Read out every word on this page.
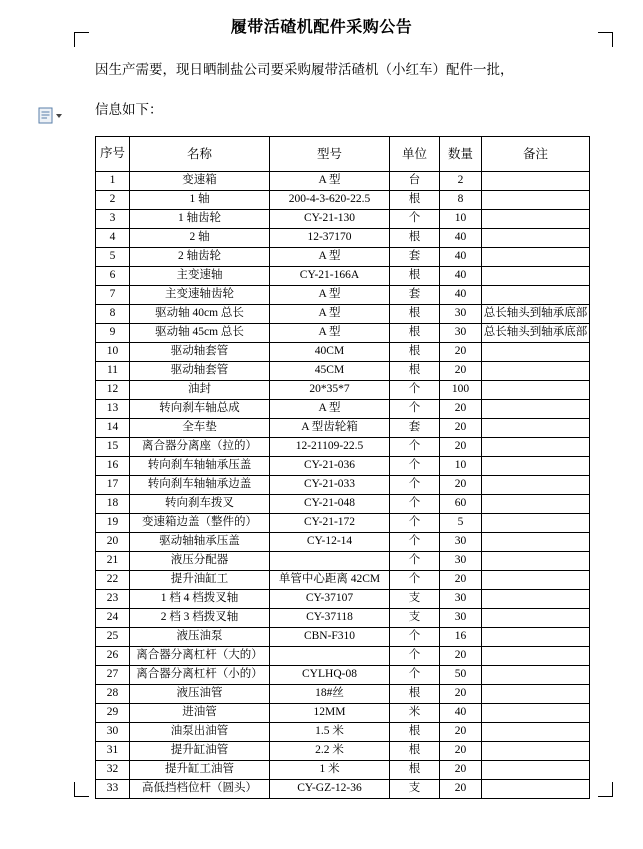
履带活碴机配件采购公告
因生产需要，现日晒制盐公司要采购履带活碴机（小红车）配件一批，
信息如下：
序号	名称	型号	单位	数量	备注
1	变速箱	A 型	台	2	
2	1 轴	200-4-3-620-22.5	根	8	
3	1 轴齿轮	CY-21-130	个	10	
4	2 轴	12-37170	根	40	
5	2 轴齿轮	A 型	套	40	
6	主变速轴	CY-21-166A	根	40	
7	主变速轴齿轮	A 型	套	40	
8	驱动轴 40cm 总长	A 型	根	30	总长轴头到轴承底部
9	驱动轴 45cm 总长	A 型	根	30	总长轴头到轴承底部
10	驱动轴套管	40CM	根	20	
11	驱动轴套管	45CM	根	20	
12	油封	20*35*7	个	100	
13	转向刹车轴总成	A 型	个	20	
14	全车垫	A 型齿轮箱	套	20	
15	离合器分离座（拉的）	12-21109-22.5	个	20	
16	转向刹车轴轴承压盖	CY-21-036	个	10	
17	转向刹车轴轴承边盖	CY-21-033	个	20	
18	转向刹车拨叉	CY-21-048	个	60	
19	变速箱边盖（整件的）	CY-21-172	个	5	
20	驱动轴轴承压盖	CY-12-14	个	30	
21	液压分配器		个	30	
22	提升油缸工	单管中心距离 42CM	个	20	
23	1 档 4 档拨叉轴	CY-37107	支	30	
24	2 档 3 档拨叉轴	CY-37118	支	30	
25	液压油泵	CBN-F310	个	16	
26	离合器分离杠杆（大的）		个	20	
27	离合器分离杠杆（小的）	CYLHQ-08	个	50	
28	液压油管	18#丝	根	20	
29	进油管	12MM	米	40	
30	油泵出油管	1.5 米	根	20	
31	提升缸油管	2.2 米	根	20	
32	提升缸工油管	1 米	根	20	
33	高低挡档位杆（圆头）	CY-GZ-12-36	支	20	
